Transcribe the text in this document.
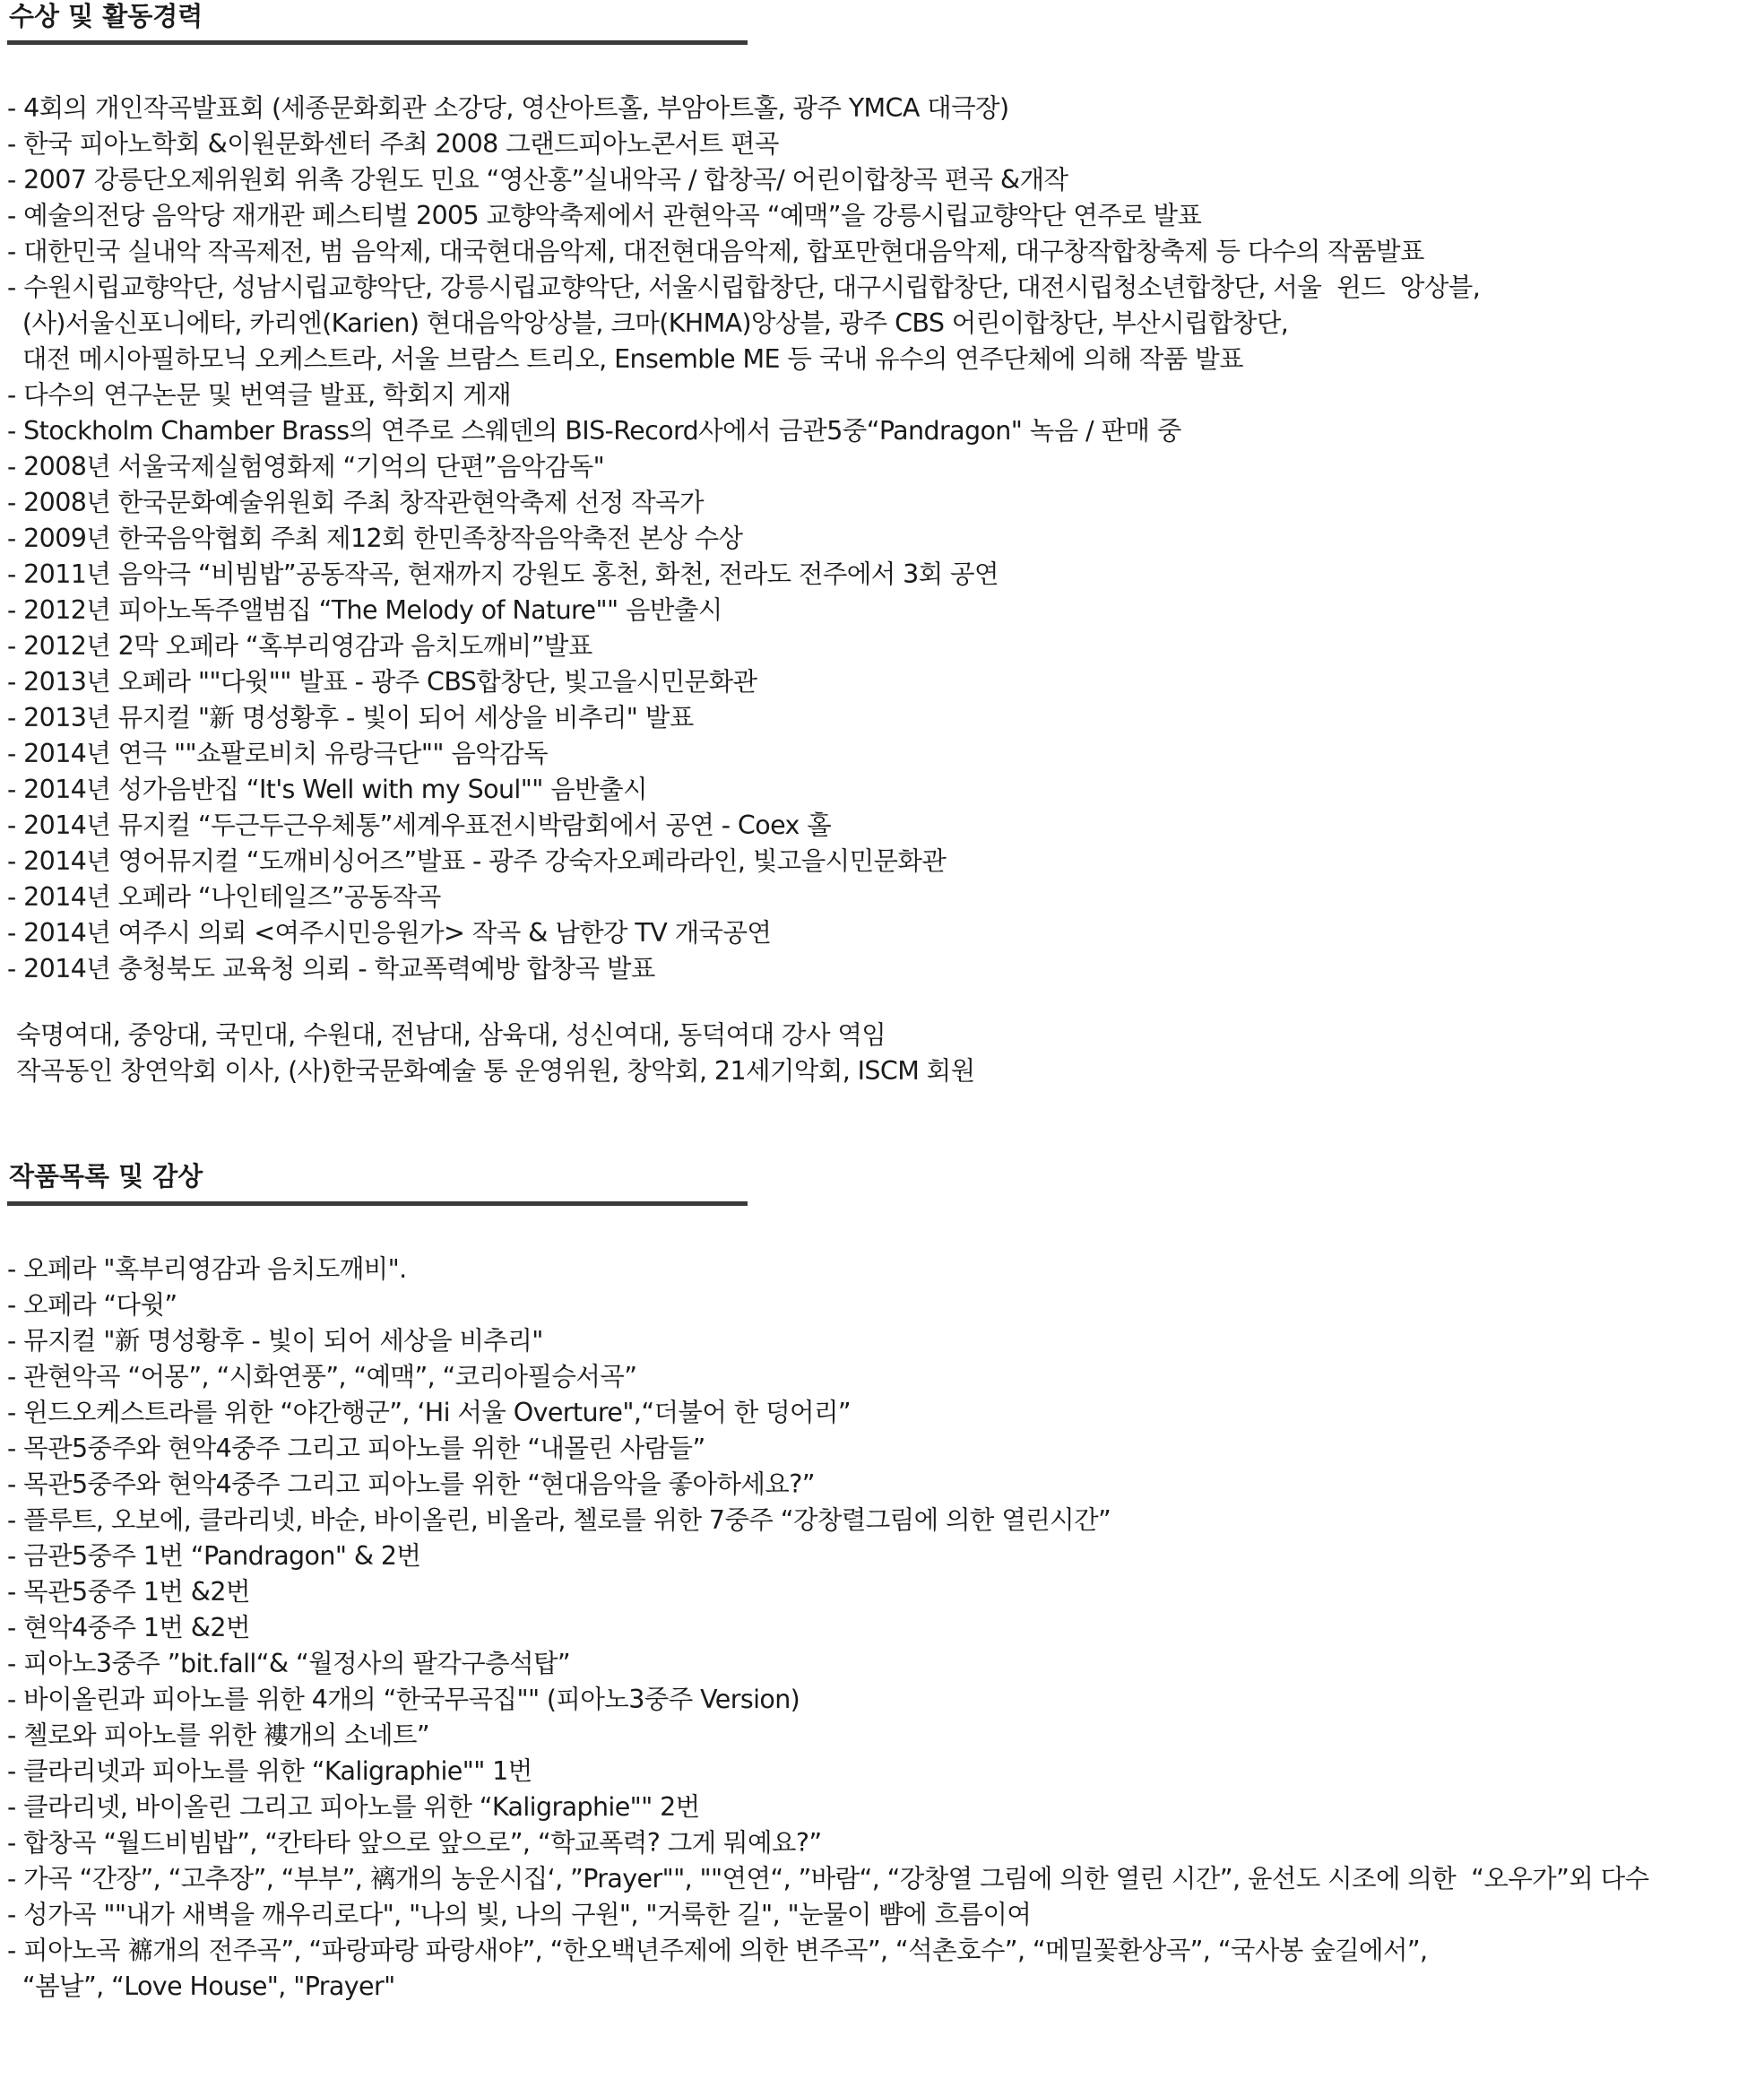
수상 및 활동경력
- 4회의 개인작곡발표회 (세종문화회관 소강당, 영산아트홀, 부암아트홀, 광주 YMCA 대극장)
- 한국 피아노학회 &이원문화센터 주최 2008 그랜드피아노콘서트 편곡
- 2007 강릉단오제위원회 위촉 강원도 민요 “영산홍”실내악곡 / 합창곡/ 어린이합창곡 편곡 &개작
- 예술의전당 음악당 재개관 페스티벌 2005 교향악축제에서 관현악곡 “예맥”을 강릉시립교향악단 연주로 발표
- 대한민국 실내악 작곡제전, 범 음악제, 대국현대음악제, 대전현대음악제, 합포만현대음악제, 대구창작합창축제 등 다수의 작품발표
- 수원시립교향악단, 성남시립교향악단, 강릉시립교향악단, 서울시립합창단, 대구시립합창단, 대전시립청소년합창단, 서울  윈드  앙상블,
(사)서울신포니에타, 카리엔(Karien) 현대음악앙상블, 크마(KHMA)앙상블, 광주 CBS 어린이합창단, 부산시립합창단,
대전 메시아필하모닉 오케스트라, 서울 브람스 트리오, Ensemble ME 등 국내 유수의 연주단체에 의해 작품 발표
- 다수의 연구논문 및 번역글 발표, 학회지 게재
- Stockholm Chamber Brass의 연주로 스웨덴의 BIS-Record사에서 금관5중“Pandragon" 녹음 / 판매 중
- 2008년 서울국제실험영화제 “기억의 단편”음악감독"
- 2008년 한국문화예술위원회 주최 창작관현악축제 선정 작곡가
- 2009년 한국음악협회 주최 제12회 한민족창작음악축전 본상 수상
- 2011년 음악극 “비빔밥”공동작곡, 현재까지 강원도 홍천, 화천, 전라도 전주에서 3회 공연
- 2012년 피아노독주앨범집 “The Melody of Nature"" 음반출시
- 2012년 2막 오페라 “혹부리영감과 음치도깨비”발표
- 2013년 오페라 ""다윗"" 발표 - 광주 CBS합창단, 빛고을시민문화관
- 2013년 뮤지컬 "新 명성황후 - 빛이 되어 세상을 비추리" 발표
- 2014년 연극 ""쇼팔로비치 유랑극단"" 음악감독
- 2014년 성가음반집 “It's Well with my Soul"" 음반출시
- 2014년 뮤지컬 “두근두근우체통”세계우표전시박람회에서 공연 - Coex 홀
- 2014년 영어뮤지컬 “도깨비싱어즈”발표 - 광주 강숙자오페라라인, 빛고을시민문화관
- 2014년 오페라 “나인테일즈”공동작곡
- 2014년 여주시 의뢰 <여주시민응원가> 작곡 & 남한강 TV 개국공연
- 2014년 충청북도 교육청 의뢰 - 학교폭력예방 합창곡 발표
숙명여대, 중앙대, 국민대, 수원대, 전남대, 삼육대, 성신여대, 동덕여대 강사 역임
작곡동인 창연악회 이사, (사)한국문화예술 통 운영위원, 창악회, 21세기악회, ISCM 회원
작품목록 및 감상
- 오페라 "혹부리영감과 음치도깨비".
- 오페라 “다윗”
- 뮤지컬 "新 명성황후 - 빛이 되어 세상을 비추리"
- 관현악곡 “어몽”, “시화연풍”, “예맥”, “코리아필승서곡”
- 윈드오케스트라를 위한 “야간행군”, ‘Hi 서울 Overture",“더불어 한 덩어리”
- 목관5중주와 현악4중주 그리고 피아노를 위한 “내몰린 사람들”
- 목관5중주와 현악4중주 그리고 피아노를 위한 “현대음악을 좋아하세요?”
- 플루트, 오보에, 클라리넷, 바순, 바이올린, 비올라, 첼로를 위한 7중주 “강창렬그림에 의한 열린시간”
- 금관5중주 1번 “Pandragon" & 2번
- 목관5중주 1번 &2번
- 현악4중주 1번 &2번
- 피아노3중주 ”bit.fall“& “월정사의 팔각구층석탑”
- 바이올린과 피아노를 위한 4개의 “한국무곡집"" (피아노3중주 Version)
- 첼로와 피아노를 위한 褸개의 소네트”
- 클라리넷과 피아노를 위한 “Kaligraphie"" 1번
- 클라리넷, 바이올린 그리고 피아노를 위한 “Kaligraphie"" 2번
- 합창곡 “월드비빔밥”, “칸타타 앞으로 앞으로”, “학교폭력? 그게 뭐예요?”
- 가곡 “간장”, “고추장”, “부부”, 褵개의 농운시집‘, ”Prayer"", ""연연“, ”바람“, “강창열 그림에 의한 열린 시간”, 윤선도 시조에 의한  “오우가”외 다수
- 성가곡 ""내가 새벽을 깨우리로다", "나의 빛, 나의 구원", "거룩한 길", "눈물이 뺨에 흐름이여
- 피아노곡 褯개의 전주곡”, “파랑파랑 파랑새야”, “한오백년주제에 의한 변주곡”, “석촌호수”, “메밀꽃환상곡”, “국사봉 숲길에서”,
“봄날”, “Love House", "Prayer"
